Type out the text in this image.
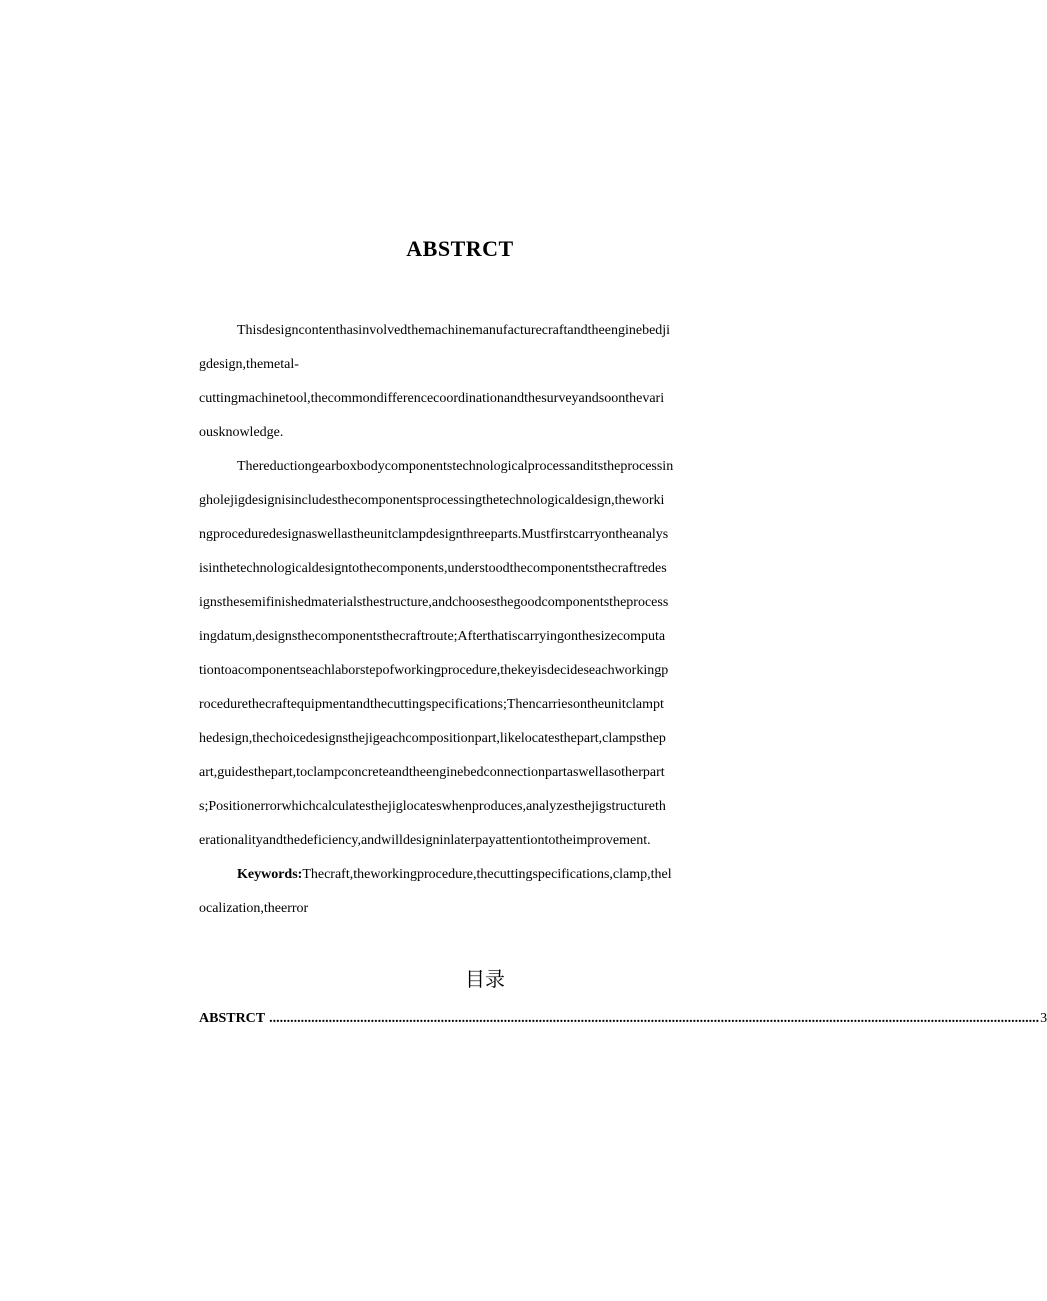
ABSTRCT
Thisdesigncontenthasinvolvedthemachinemanufacturecraftandtheenginebedji
gdesign,themetal-
cuttingmachinetool,thecommondifferencecoordinationandthesurveyandsoonthevari
ousknowledge.
Thereductiongearboxbodycomponentstechnologicalprocessanditstheprocessin
gholejigdesignisincludesthecomponentsprocessingthetechnologicaldesign,theworki
ngproceduredesignaswellastheunitclampdesignthreeparts.Mustfirstcarryontheanalys
isinthetechnologicaldesigntothecomponents,understoodthecomponentsthecraftredes
ignsthesemifinishedmaterialsthestructure,andchoosesthegoodcomponentstheprocess
ingdatum,designsthecomponentsthecraftroute;Afterthatiscarryingonthesizecomputa
tiontoacomponentseachlaborstepofworkingprocedure,thekeyisdecideseachworkingp
rocedurethecraftequipmentandthecuttingspecifications;Thencarriesontheunitclampt
hedesign,thechoicedesignsthejigeachcompositionpart,likelocatesthepart,clampsthep
art,guidesthepart,toclampconcreteandtheenginebedconnectionpartaswellasotherpart
s;Positionerrorwhichcalculatesthejiglocateswhenproduces,analyzesthejigstructureth
erationalityandthedeficiency,andwilldesigninlaterpayattentiontotheimprovement.
Keywords:Thecraft,theworkingprocedure,thecuttingspecifications,clamp,thel
ocalization,theerror
目录
ABSTRCT ............................................................................................................................................................................................................................ 3
